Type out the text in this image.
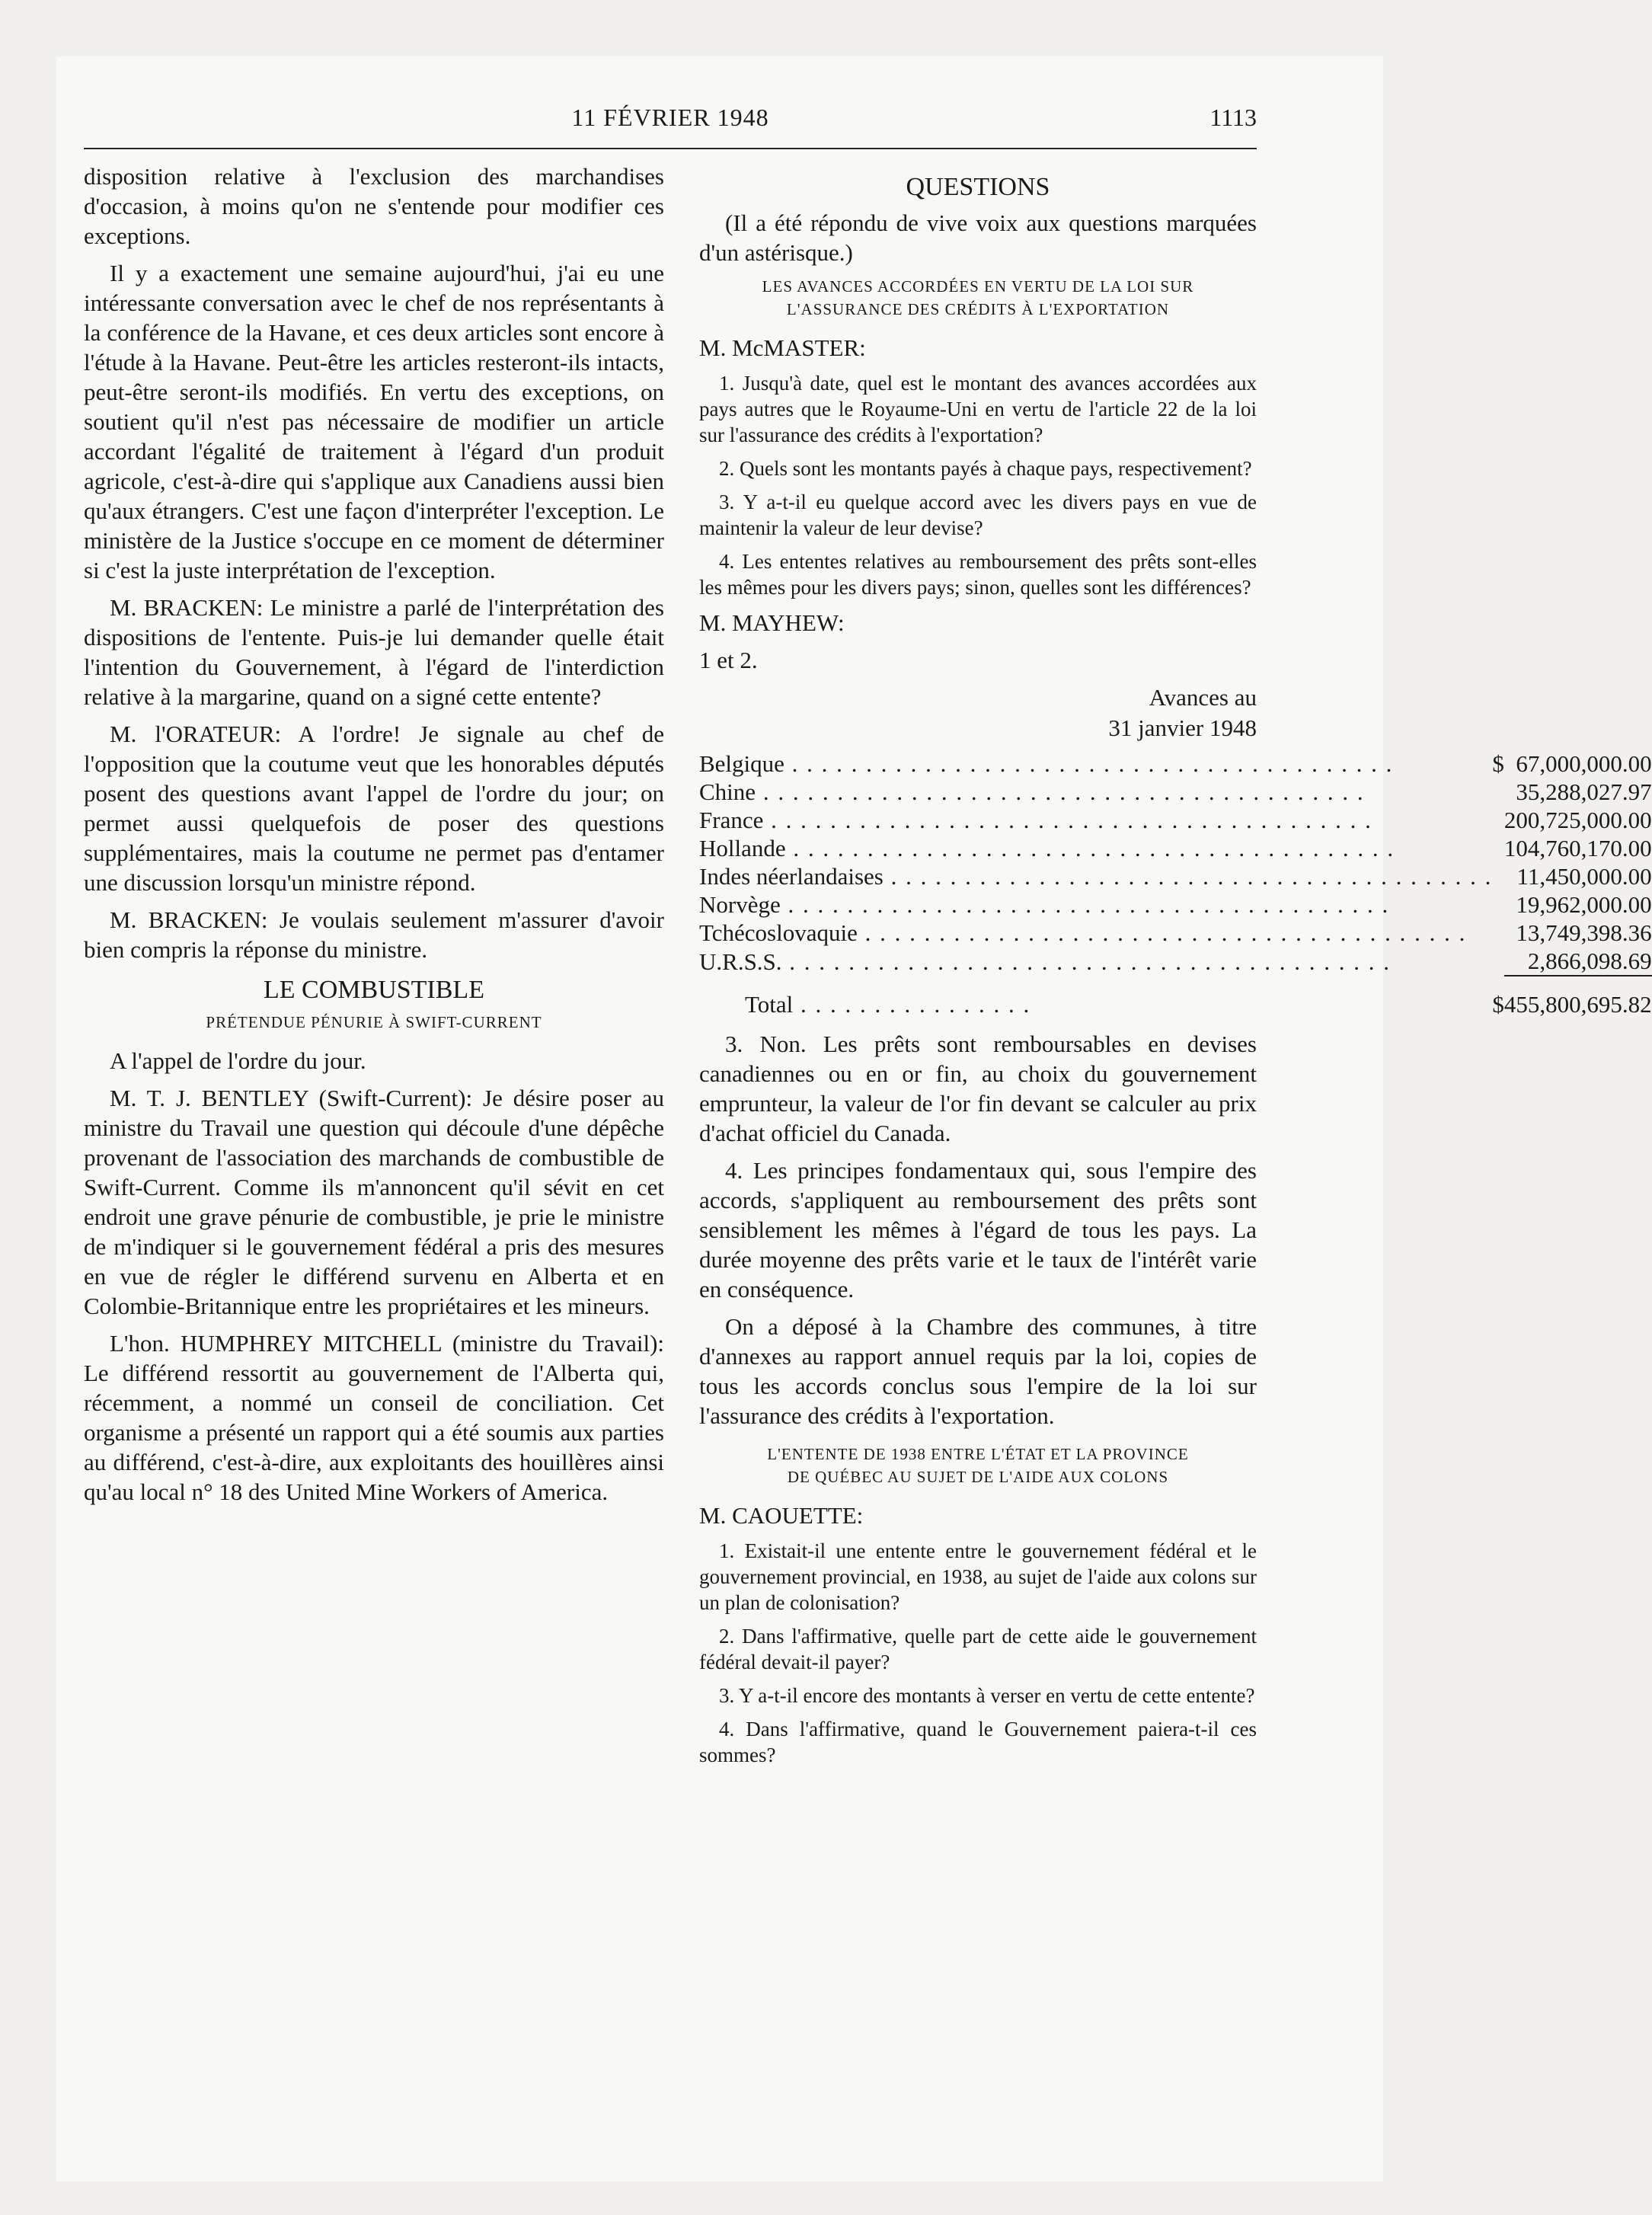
11 FÉVRIER 1948	1113

disposition relative à l'exclusion des marchandises d'occasion, à moins qu'on ne s'entende pour modifier ces exceptions.

Il y a exactement une semaine aujourd'hui, j'ai eu une intéressante conversation avec le chef de nos représentants à la conférence de la Havane, et ces deux articles sont encore à l'étude à la Havane. Peut-être les articles resteront-ils intacts, peut-être seront-ils modifiés. En vertu des exceptions, on soutient qu'il n'est pas nécessaire de modifier un article accordant l'égalité de traitement à l'égard d'un produit agricole, c'est-à-dire qui s'applique aux Canadiens aussi bien qu'aux étrangers. C'est une façon d'interpréter l'exception. Le ministère de la Justice s'occupe en ce moment de déterminer si c'est la juste interprétation de l'exception.

M. BRACKEN: Le ministre a parlé de l'interprétation des dispositions de l'entente. Puis-je lui demander quelle était l'intention du Gouvernement, à l'égard de l'interdiction relative à la margarine, quand on a signé cette entente?

M. l'ORATEUR: A l'ordre! Je signale au chef de l'opposition que la coutume veut que les honorables députés posent des questions avant l'appel de l'ordre du jour; on permet aussi quelquefois de poser des questions supplémentaires, mais la coutume ne permet pas d'entamer une discussion lorsqu'un ministre répond.

M. BRACKEN: Je voulais seulement m'assurer d'avoir bien compris la réponse du ministre.

LE COMBUSTIBLE
PRÉTENDUE PÉNURIE À SWIFT-CURRENT

A l'appel de l'ordre du jour.

M. T. J. BENTLEY (Swift-Current): Je désire poser au ministre du Travail une question qui découle d'une dépêche provenant de l'association des marchands de combustible de Swift-Current. Comme ils m'annoncent qu'il sévit en cet endroit une grave pénurie de combustible, je prie le ministre de m'indiquer si le gouvernement fédéral a pris des mesures en vue de régler le différend survenu en Alberta et en Colombie-Britannique entre les propriétaires et les mineurs.

L'hon. HUMPHREY MITCHELL (ministre du Travail): Le différend ressortit au gouvernement de l'Alberta qui, récemment, a nommé un conseil de conciliation. Cet organisme a présenté un rapport qui a été soumis aux parties au différend, c'est-à-dire, aux exploitants des houillères ainsi qu'au local n° 18 des United Mine Workers of America.

QUESTIONS

(Il a été répondu de vive voix aux questions marquées d'un astérisque.)

LES AVANCES ACCORDÉES EN VERTU DE LA LOI SUR
L'ASSURANCE DES CRÉDITS À L'EXPORTATION

M. McMASTER:

1. Jusqu'à date, quel est le montant des avances accordées aux pays autres que le Royaume-Uni en vertu de l'article 22 de la loi sur l'assurance des crédits à l'exportation?

2. Quels sont les montants payés à chaque pays, respectivement?

3. Y a-t-il eu quelque accord avec les divers pays en vue de maintenir la valeur de leur devise?

4. Les ententes relatives au remboursement des prêts sont-elles les mêmes pour les divers pays; sinon, quelles sont les différences?

M. MAYHEW:

1 et 2.

Avances au
31 janvier 1948
Belgique . . .	$	67,000,000.00
Chine . . .		35,288,027.97
France . . .		200,725,000.00
Hollande . . .		104,760,170.00
Indes néerlandaises . . .		11,450,000.00
Norvège . . .		19,962,000.00
Tchécoslovaquie . . .		13,749,398.36
U.R.S.S. . . .		2,866,098.69
Total . . . . . . . . . . . . . . . .	$	455,800,695.82

3. Non. Les prêts sont remboursables en devises canadiennes ou en or fin, au choix du gouvernement emprunteur, la valeur de l'or fin devant se calculer au prix d'achat officiel du Canada.

4. Les principes fondamentaux qui, sous l'empire des accords, s'appliquent au remboursement des prêts sont sensiblement les mêmes à l'égard de tous les pays. La durée moyenne des prêts varie et le taux de l'intérêt varie en conséquence.

On a déposé à la Chambre des communes, à titre d'annexes au rapport annuel requis par la loi, copies de tous les accords conclus sous l'empire de la loi sur l'assurance des crédits à l'exportation.

L'ENTENTE DE 1938 ENTRE L'ÉTAT ET LA PROVINCE
DE QUÉBEC AU SUJET DE L'AIDE AUX COLONS

M. CAOUETTE:

1. Existait-il une entente entre le gouvernement fédéral et le gouvernement provincial, en 1938, au sujet de l'aide aux colons sur un plan de colonisation?

2. Dans l'affirmative, quelle part de cette aide le gouvernement fédéral devait-il payer?

3. Y a-t-il encore des montants à verser en vertu de cette entente?

4. Dans l'affirmative, quand le Gouvernement paiera-t-il ces sommes?
